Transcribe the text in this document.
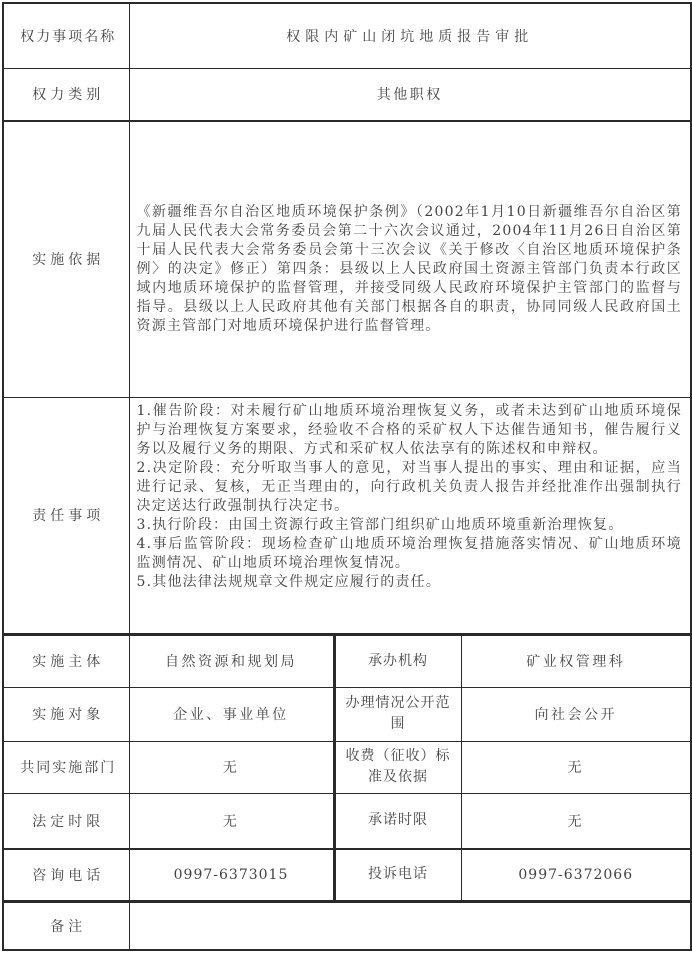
权力事项名称	权限内矿山闭坑地质报告审批		
权力类别	其他职权		
实施依据	《新疆维吾尔自治区地质环境保护条例》（2002年1月10日新疆维吾尔自治区第九届人民代表大会常务委员会第二十六次会议通过，2004年11月26日自治区第十届人民代表大会常务委员会第十三次会议《关于修改〈自治区地质环境保护条例〉的决定》修正）第四条：县级以上人民政府国土资源主管部门负责本行政区域内地质环境保护的监督管理，并接受同级人民政府环境保护主管部门的监督与指导。县级以上人民政府其他有关部门根据各自的职责，协同同级人民政府国土资源主管部门对地质环境保护进行监督管理。		
责任事项	1.催告阶段：对未履行矿山地质环境治理恢复义务，或者未达到矿山地质环境保护与治理恢复方案要求，经验收不合格的采矿权人下达催告通知书，催告履行义务以及履行义务的期限、方式和采矿权人依法享有的陈述权和申辩权。
2.决定阶段：充分听取当事人的意见，对当事人提出的事实、理由和证据，应当进行记录、复核，无正当理由的，向行政机关负责人报告并经批准作出强制执行决定送达行政强制执行决定书。
3.执行阶段：由国土资源行政主管部门组织矿山地质环境重新治理恢复。
4.事后监管阶段：现场检查矿山地质环境治理恢复措施落实情况、矿山地质环境监测情况、矿山地质环境治理恢复情况。
5.其他法律法规规章文件规定应履行的责任。		

实施主体	自然资源和规划局	承办机构	矿业权管理科
实施对象	企业、事业单位	办理情况公开范围	向社会公开
共同实施部门	无	收费（征收）标准及依据	无
法定时限	无	承诺时限	无
咨询电话	0997-6373015	投诉电话	0997-6372066
备注			
